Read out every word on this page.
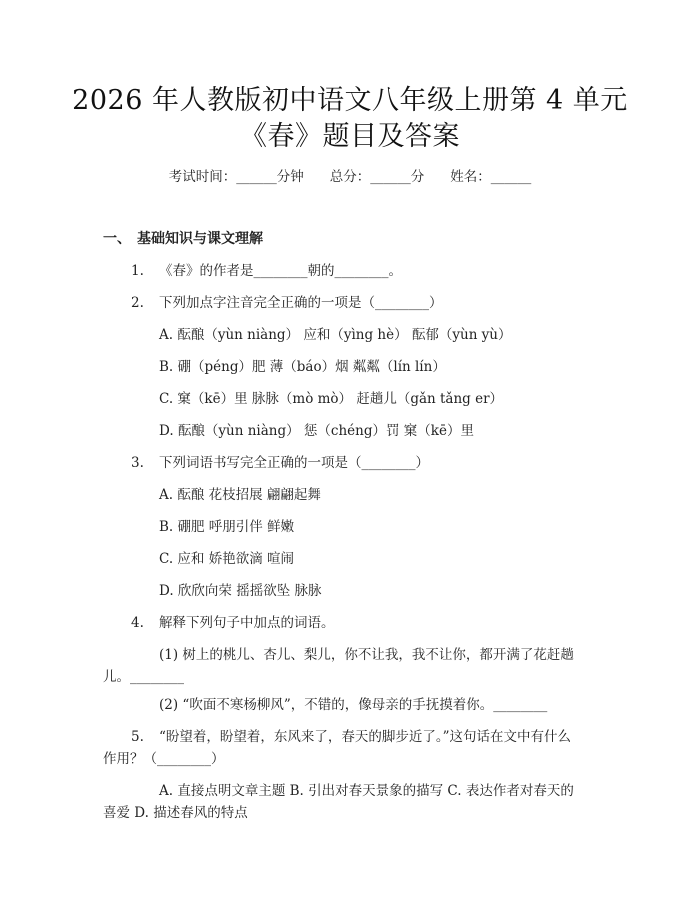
2026 年人教版初中语文八年级上册第 4 单元
《春》题目及答案
考试时间：______分钟 总分：______分 姓名：______
一、 基础知识与课文理解
1. 《春》的作者是________朝的________。
2. 下列加点字注音完全正确的一项是（________）
A. 酝酿（yùn niàng） 应和（yìng hè） 酝郁（yùn yù）
B. 硼（péng）肥 薄（báo）烟 粼粼（lín lín）
C. 窠（kē）里 脉脉（mò mò） 赶趟儿（gǎn tǎng er）
D. 酝酿（yùn niàng） 惩（chéng）罚 窠（kē）里
3. 下列词语书写完全正确的一项是（________）
A. 酝酿 花枝招展 翩翩起舞
B. 硼肥 呼朋引伴 鲜嫩
C. 应和 娇艳欲滴 喧闹
D. 欣欣向荣 摇摇欲坠 脉脉
4. 解释下列句子中加点的词语。
(1) 树上的桃儿、杏儿、梨儿，你不让我，我不让你，都开满了花赶趟
儿。________
(2) “吹面不寒杨柳风”，不错的，像母亲的手抚摸着你。________
5. “盼望着，盼望着，东风来了，春天的脚步近了。”这句话在文中有什么
作用？（________）
A. 直接点明文章主题 B. 引出对春天景象的描写 C. 表达作者对春天的
喜爱 D. 描述春风的特点
